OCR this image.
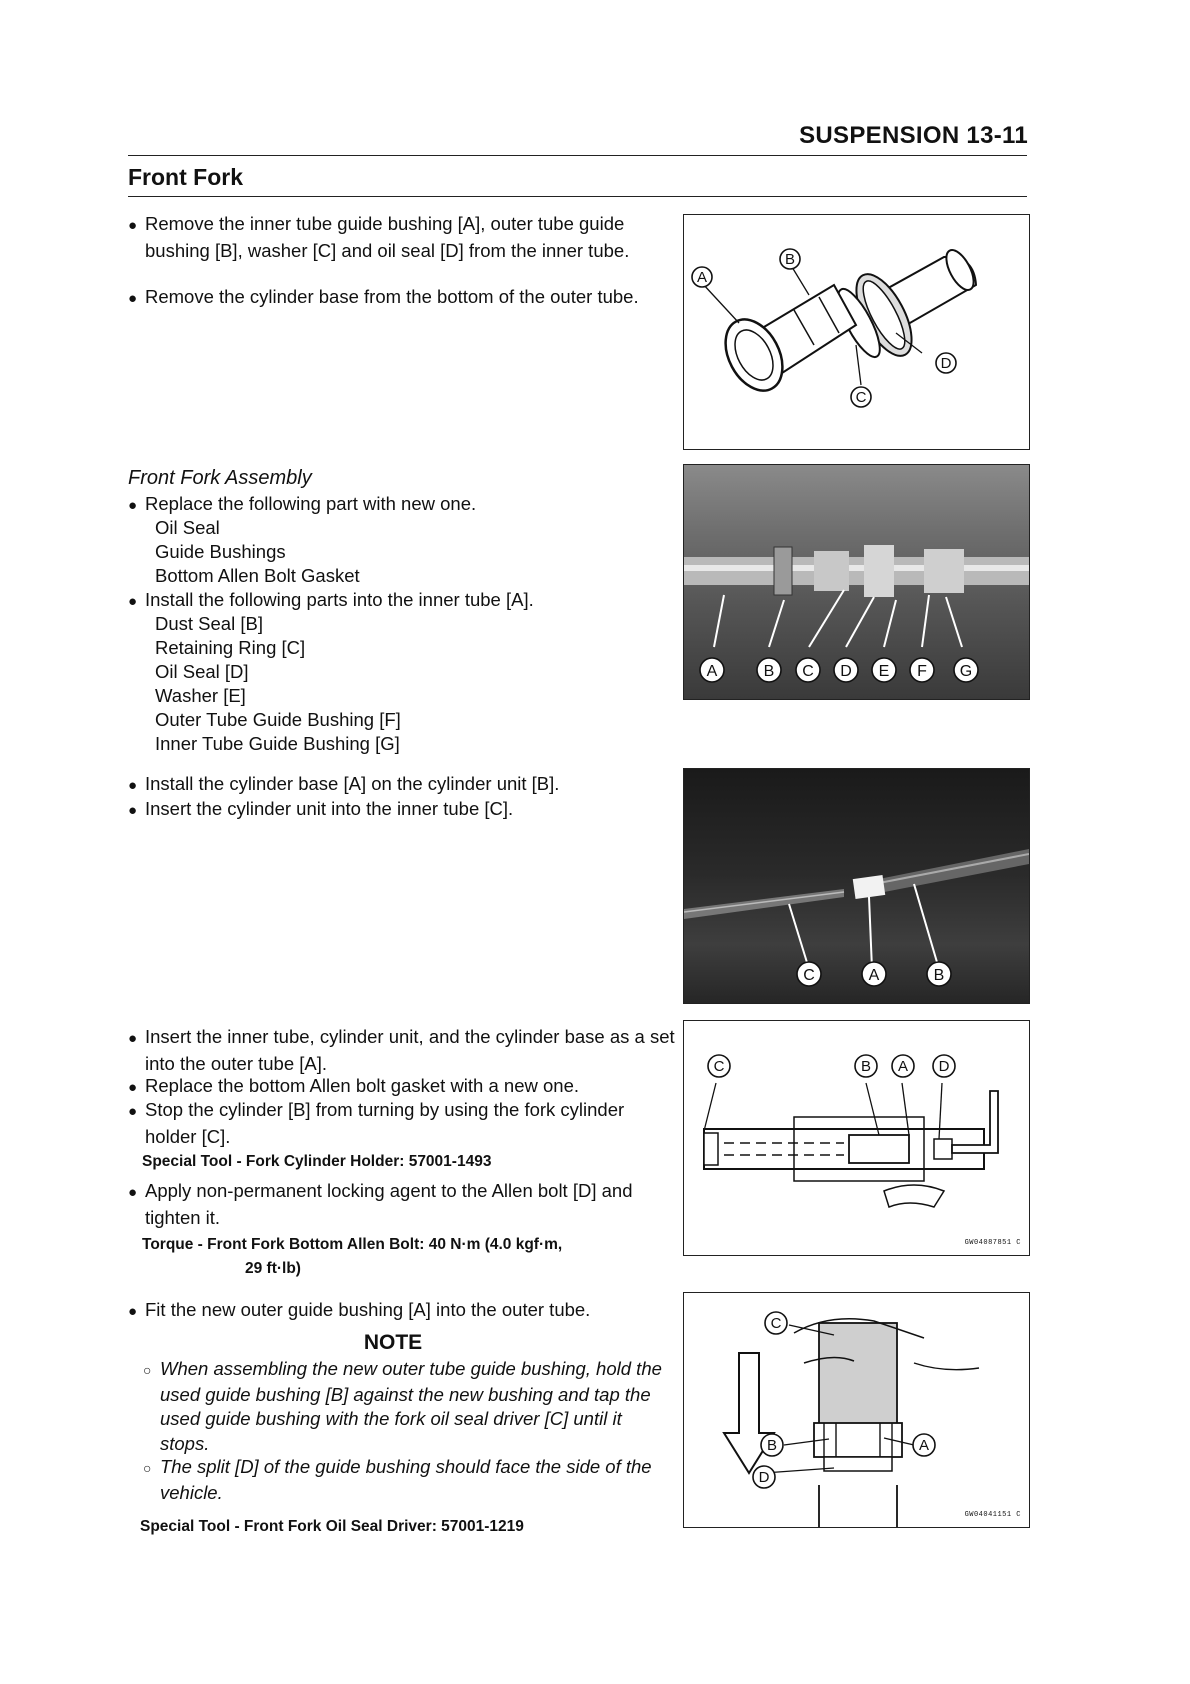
SUSPENSION 13-11
Front Fork
● Remove the inner tube guide bushing [A], outer tube guide bushing [B], washer [C] and oil seal [D] from the inner tube.
● Remove the cylinder base from the bottom of the outer tube.
A
B
C
D
Front Fork Assembly
● Replace the following part with new one.
Oil Seal
Guide Bushings
Bottom Allen Bolt Gasket
● Install the following parts into the inner tube [A].
Dust Seal [B]
Retaining Ring [C]
Oil Seal [D]
Washer [E]
Outer Tube Guide Bushing [F]
Inner Tube Guide Bushing [G]
A	B C D E F G
● Install the cylinder base [A] on the cylinder unit [B].
● Insert the cylinder unit into the inner tube [C].
C	A	B
● Insert the inner tube, cylinder unit, and the cylinder base as a set into the outer tube [A].
● Replace the bottom Allen bolt gasket with a new one.
● Stop the cylinder [B] from turning by using the fork cylinder holder [C].
Special Tool - Fork Cylinder Holder: 57001-1493
● Apply non-permanent locking agent to the Allen bolt [D] and tighten it.
Torque - Front Fork Bottom Allen Bolt: 40 N·m (4.0 kgf·m,
29 ft·lb)
C	B A D
GW04087851 C
● Fit the new outer guide bushing [A] into the outer tube.
NOTE
○ When assembling the new outer tube guide bushing, hold the used guide bushing [B] against the new bushing and tap the used guide bushing with the fork oil seal driver [C] until it stops.
○ The split [D] of the guide bushing should face the side of the vehicle.
Special Tool - Front Fork Oil Seal Driver: 57001-1219
C
B	A
D
GW04041151 C
